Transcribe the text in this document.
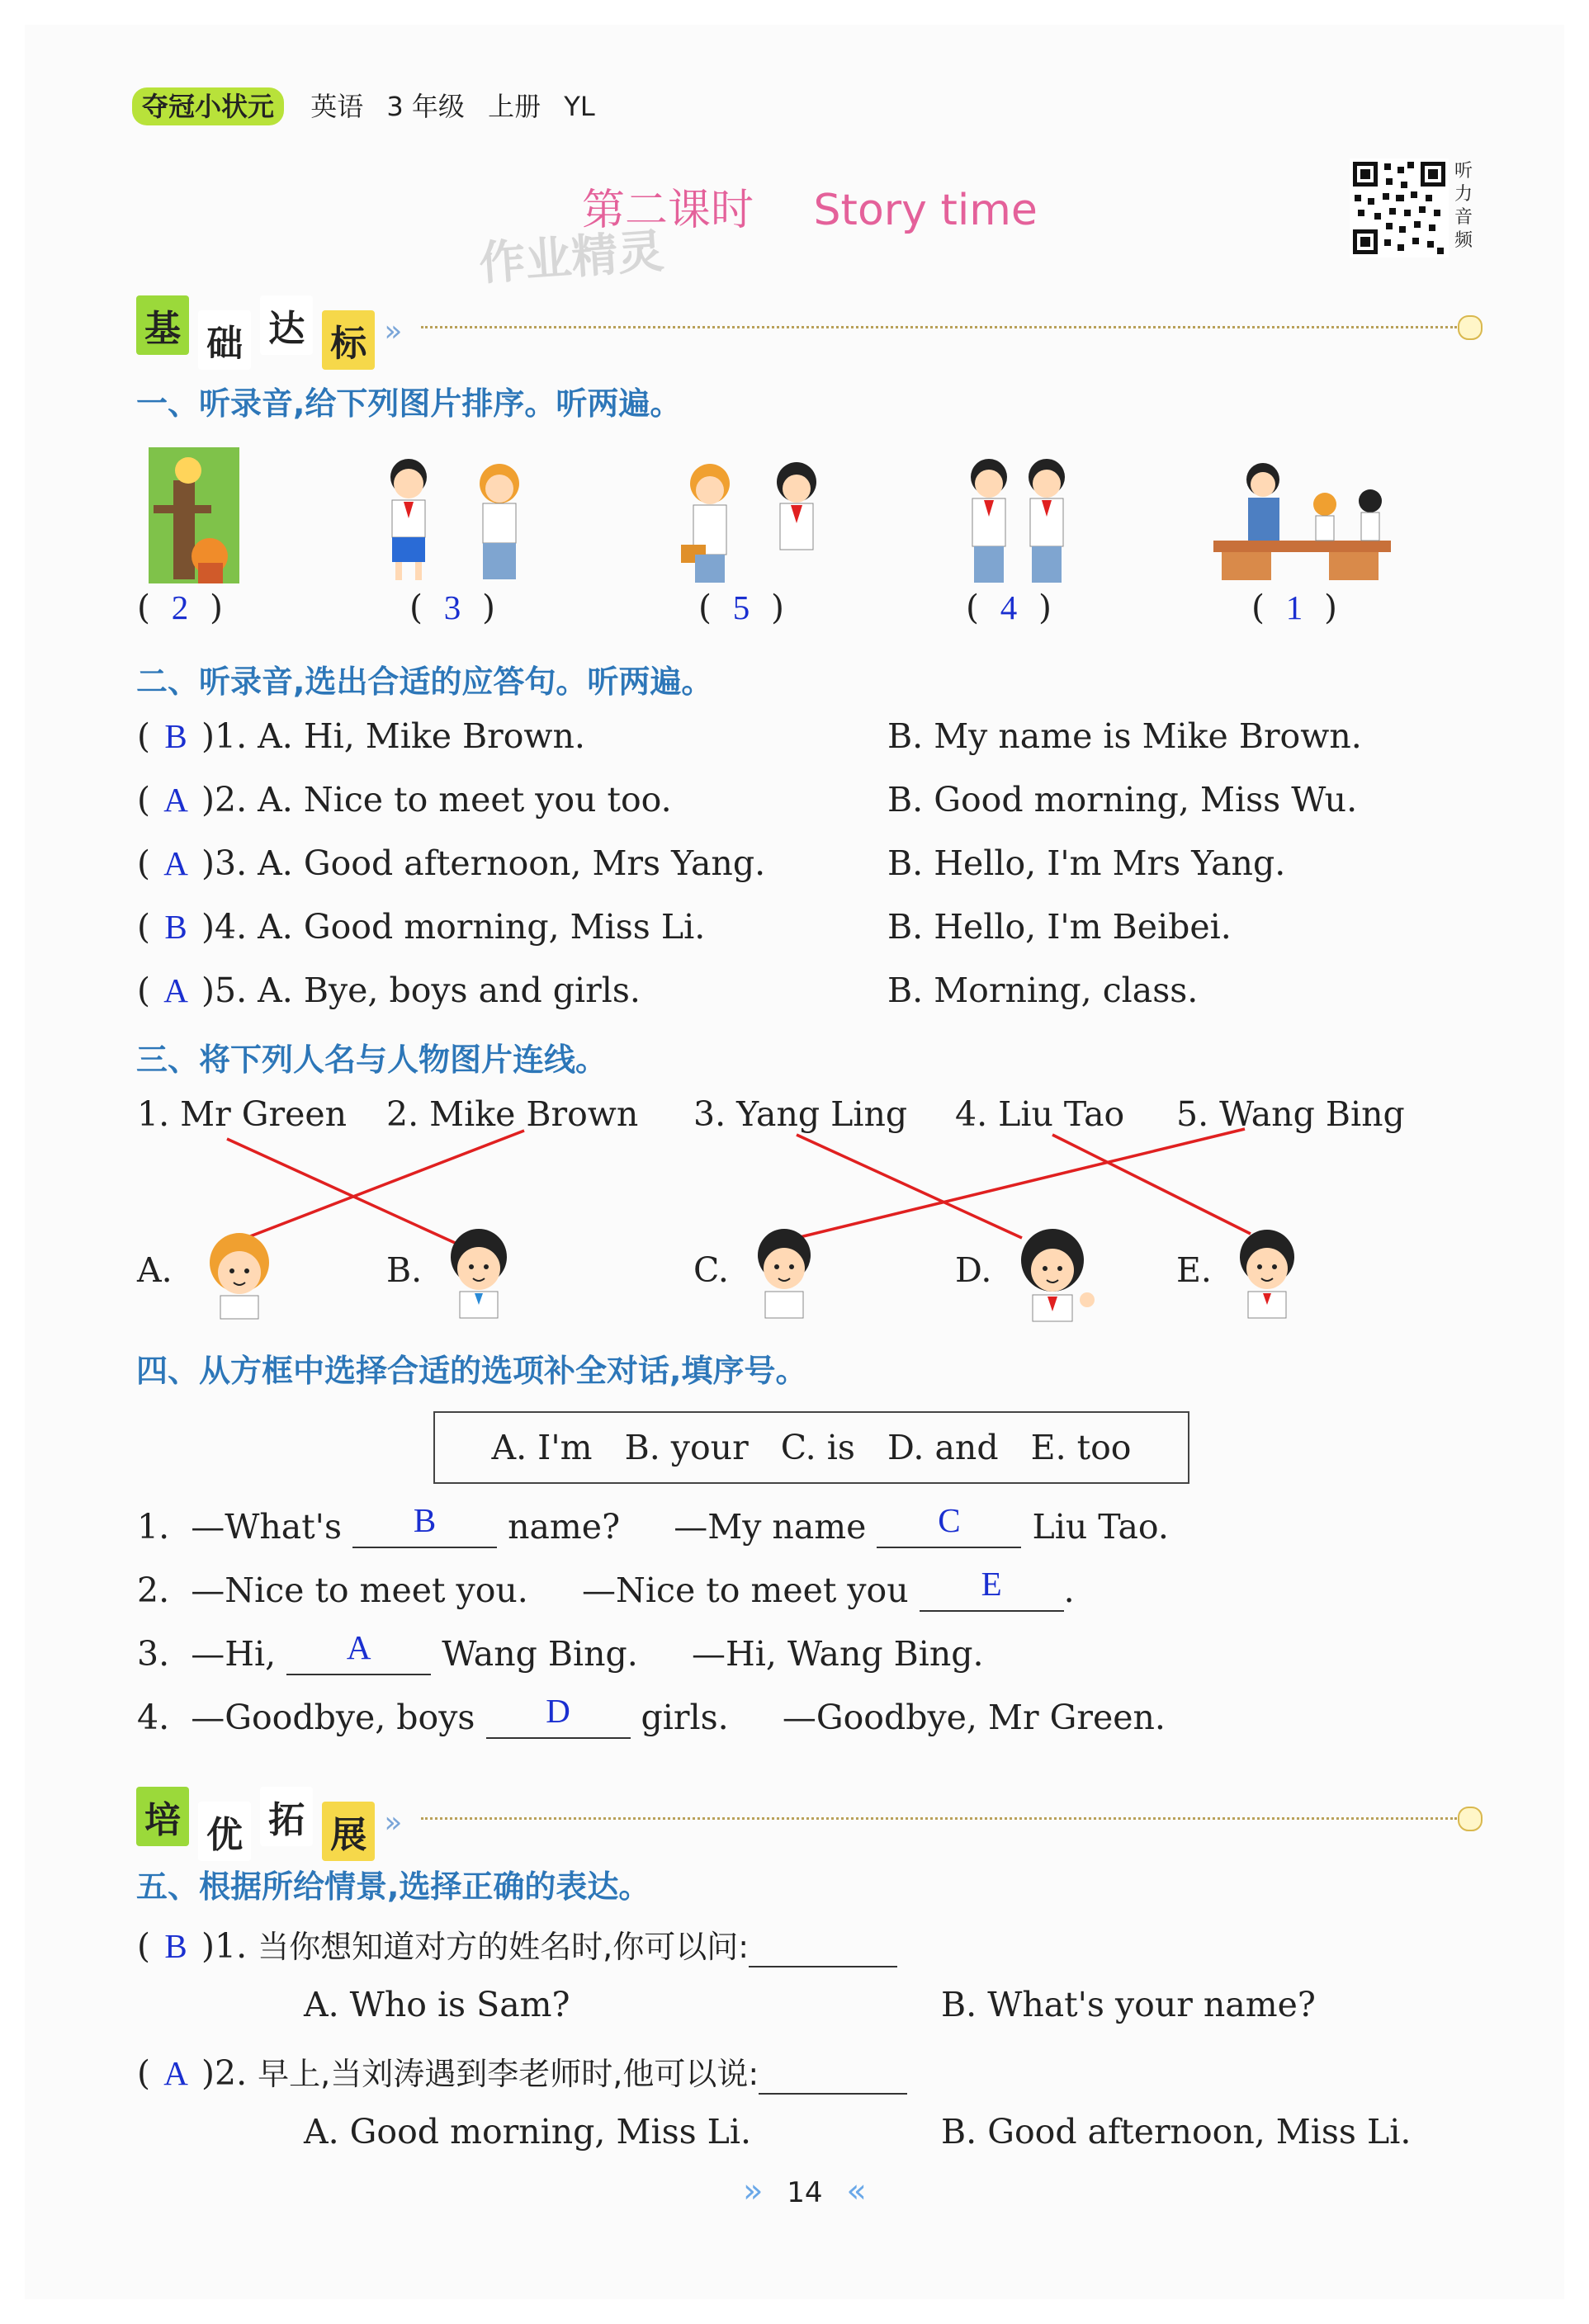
夺冠小状元 英语 3 年级 上册 YL
第二课时 Story time
作业精灵
听
力
音
频
基 础 达 标 »
一、听录音,给下列图片排序。听两遍。
( 2 )	( 3 )	( 5 )	( 4 )	( 1 )
二、听录音,选出合适的应答句。听两遍。
( B )1. A. Hi, Mike Brown.	B. My name is Mike Brown.
( A )2. A. Nice to meet you too.	B. Good morning, Miss Wu.
( A )3. A. Good afternoon, Mrs Yang.	B. Hello, I'm Mrs Yang.
( B )4. A. Good morning, Miss Li.	B. Hello, I'm Beibei.
( A )5. A. Bye, boys and girls.	B. Morning, class.
三、将下列人名与人物图片连线。
1. Mr Green 2. Mike Brown 3. Yang Ling 4. Liu Tao 5. Wang Bing
A.	B.	C.	D.	E.
四、从方框中选择合适的选项补全对话,填序号。
A. I'm   B. your   C. is   D. and   E. too
1. —What's B name? —My name C Liu Tao.
2. —Nice to meet you. —Nice to meet you E .
3. —Hi, A Wang Bing. —Hi, Wang Bing.
4. —Goodbye, boys D girls. —Goodbye, Mr Green.
培 优 拓 展 »
五、根据所给情景,选择正确的表达。
( B )1. 当你想知道对方的姓名时,你可以问:
A. Who is Sam?	B. What's your name?
( A )2. 早上,当刘涛遇到李老师时,他可以说:
A. Good morning, Miss Li.	B. Good afternoon, Miss Li.
» 14 «
